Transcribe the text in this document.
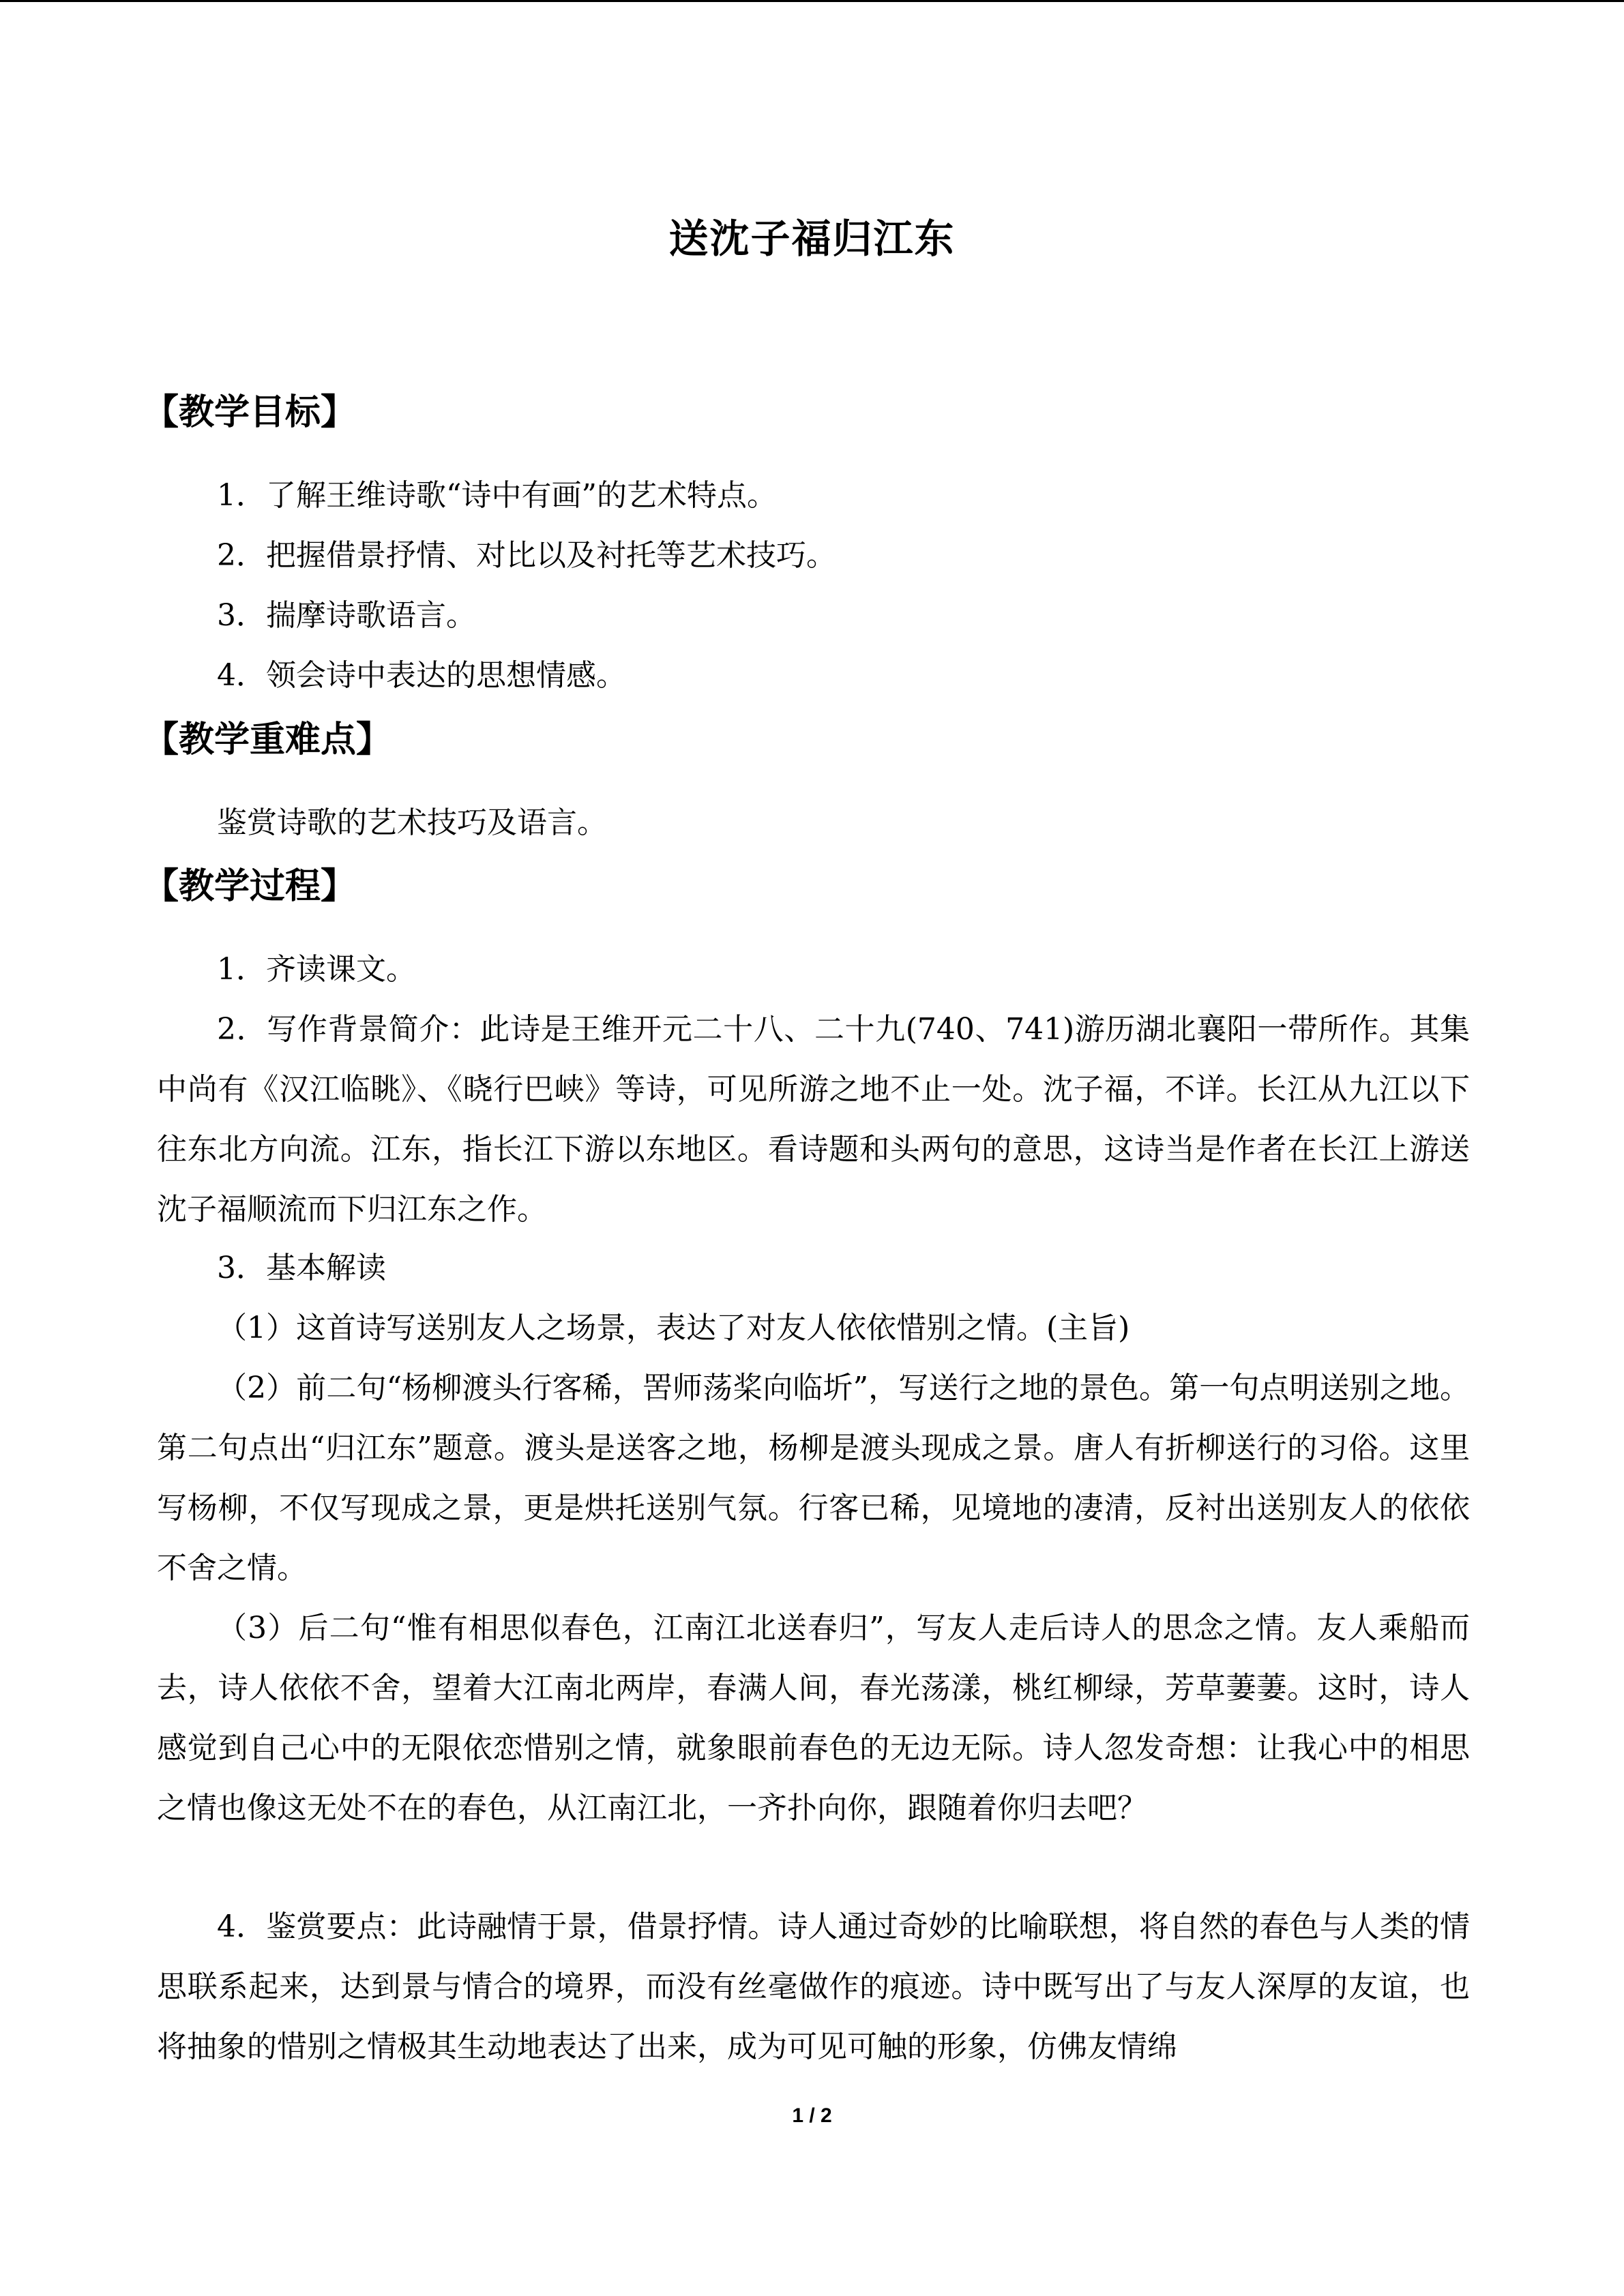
送沈子福归江东
【教学目标】
1．了解王维诗歌“诗中有画”的艺术特点。
2．把握借景抒情、对比以及衬托等艺术技巧。
3．揣摩诗歌语言。
4．领会诗中表达的思想情感。
【教学重难点】
鉴赏诗歌的艺术技巧及语言。
【教学过程】
1．齐读课文。
2．写作背景简介：此诗是王维开元二十八、二十九(740、741)游历湖北襄阳一带所作。其集中尚有《汉江临眺》、《晓行巴峡》等诗，可见所游之地不止一处。沈子福，不详。长江从九江以下往东北方向流。江东，指长江下游以东地区。看诗题和头两句的意思，这诗当是作者在长江上游送沈子福顺流而下归江东之作。
3．基本解读
（1）这首诗写送别友人之场景，表达了对友人依依惜别之情。(主旨)
（2）前二句“杨柳渡头行客稀，罟师荡桨向临圻”，写送行之地的景色。第一句点明送别之地。第二句点出“归江东”题意。渡头是送客之地，杨柳是渡头现成之景。唐人有折柳送行的习俗。这里写杨柳，不仅写现成之景，更是烘托送别气氛。行客已稀，见境地的凄清，反衬出送别友人的依依不舍之情。
（3）后二句“惟有相思似春色，江南江北送春归”，写友人走后诗人的思念之情。友人乘船而去，诗人依依不舍，望着大江南北两岸，春满人间，春光荡漾，桃红柳绿，芳草萋萋。这时，诗人感觉到自己心中的无限依恋惜别之情，就象眼前春色的无边无际。诗人忽发奇想：让我心中的相思之情也像这无处不在的春色，从江南江北，一齐扑向你，跟随着你归去吧？
4．鉴赏要点：此诗融情于景，借景抒情。诗人通过奇妙的比喻联想，将自然的春色与人类的情思联系起来，达到景与情合的境界，而没有丝毫做作的痕迹。诗中既写出了与友人深厚的友谊，也将抽象的惜别之情极其生动地表达了出来，成为可见可触的形象，仿佛友情绵
1 / 2
